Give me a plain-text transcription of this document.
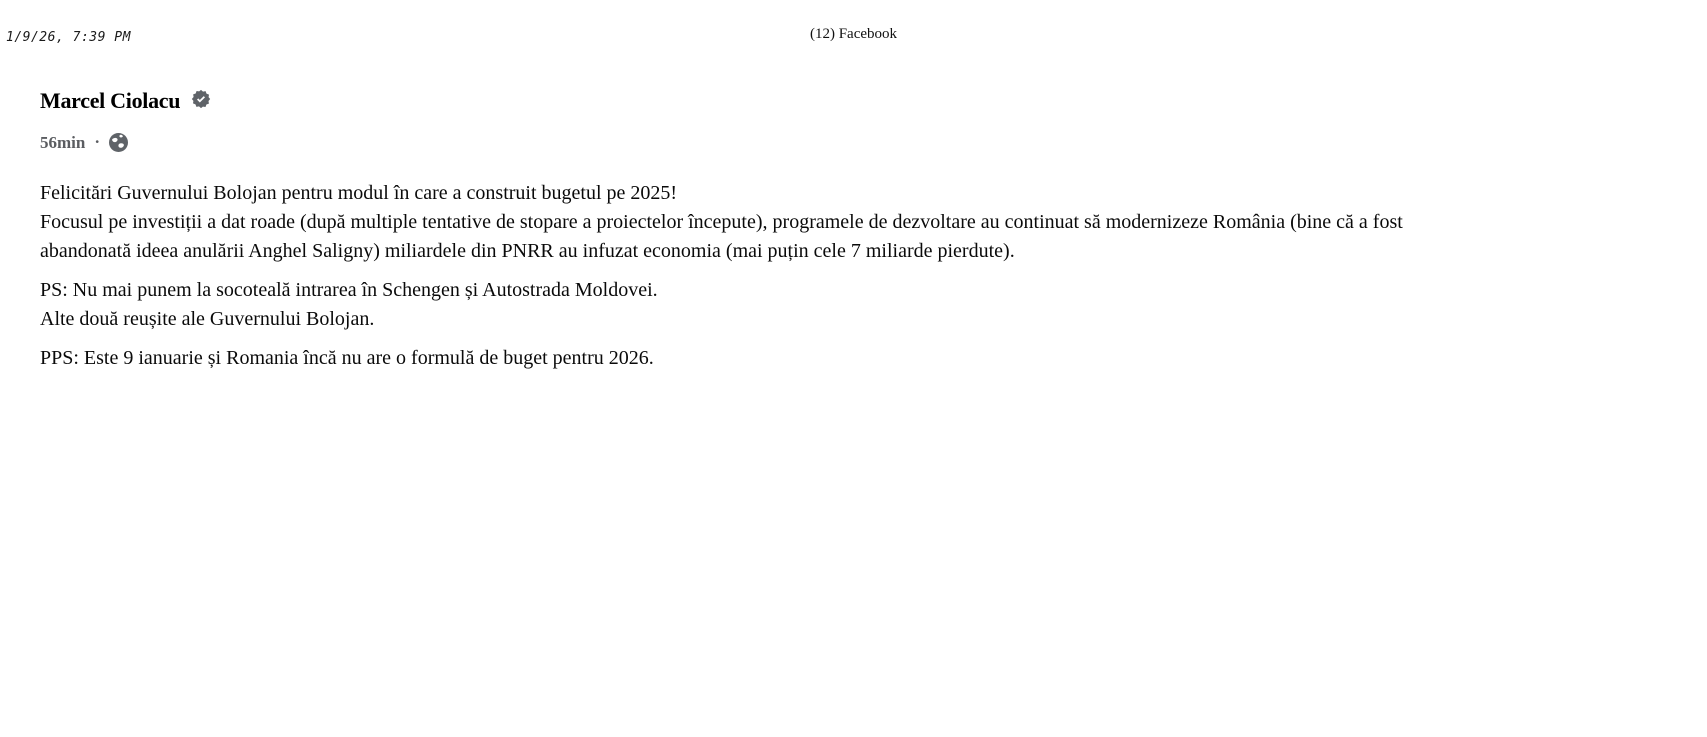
1/9/26, 7:39 PM	(12) Facebook
Marcel Ciolacu
56min ·

Felicitări Guvernului Bolojan pentru modul în care a construit bugetul pe 2025!
Focusul pe investiții a dat roade (după multiple tentative de stopare a proiectelor începute), programele de dezvoltare au continuat să modernizeze România (bine că a fost abandonată ideea anulării Anghel Saligny) miliardele din PNRR au infuzat economia (mai puțin cele 7 miliarde pierdute).

PS: Nu mai punem la socoteală intrarea în Schengen și Autostrada Moldovei.
Alte două reușite ale Guvernului Bolojan.

PPS: Este 9 ianuarie și Romania încă nu are o formulă de buget pentru 2026.
